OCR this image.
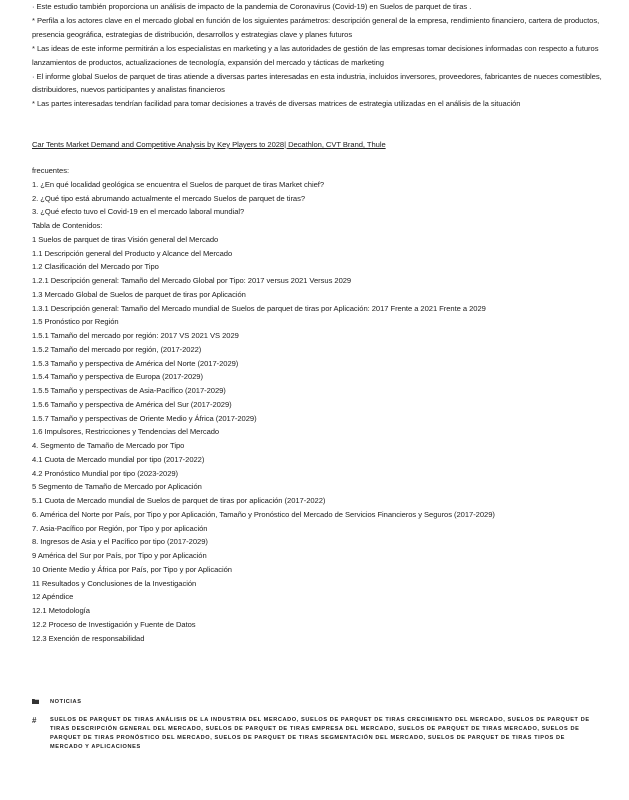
· Este estudio también proporciona un análisis de impacto de la pandemia de Coronavirus (Covid-19) en Suelos de parquet de tiras .

* Perfila a los actores clave en el mercado global en función de los siguientes parámetros: descripción general de la empresa, rendimiento financiero, cartera de productos, presencia geográfica, estrategias de distribución, desarrollos y estrategias clave y planes futuros

* Las ideas de este informe permitirán a los especialistas en marketing y a las autoridades de gestión de las empresas tomar decisiones informadas con respecto a futuros lanzamientos de productos, actualizaciones de tecnología, expansión del mercado y tácticas de marketing

· El informe global Suelos de parquet de tiras atiende a diversas partes interesadas en esta industria, incluidos inversores, proveedores, fabricantes de nueces comestibles, distribuidores, nuevos participantes y analistas financieros

* Las partes interesadas tendrían facilidad para tomar decisiones a través de diversas matrices de estrategia utilizadas en el análisis de la situación

Car Tents Market Demand and Competitive Analysis by Key Players to 2028| Decathlon, CVT Brand, Thule
frecuentes:
1. ¿En qué localidad geológica se encuentra el Suelos de parquet de tiras Market chief?
2. ¿Qué tipo está abrumando actualmente el mercado Suelos de parquet de tiras?
3. ¿Qué efecto tuvo el Covid-19 en el mercado laboral mundial?
Tabla de Contenidos:
1 Suelos de parquet de tiras Visión general del Mercado
1.1 Descripción general del Producto y Alcance del Mercado
1.2 Clasificación del Mercado por Tipo
1.2.1 Descripción general: Tamaño del Mercado Global por Tipo: 2017 versus 2021 Versus 2029
1.3 Mercado Global de Suelos de parquet de tiras por Aplicación
1.3.1 Descripción general: Tamaño del Mercado mundial de Suelos de parquet de tiras por Aplicación: 2017 Frente a 2021 Frente a 2029
1.5 Pronóstico por Región
1.5.1 Tamaño del mercado por región: 2017 VS 2021 VS 2029
1.5.2 Tamaño del mercado por región, (2017-2022)
1.5.3 Tamaño y perspectiva de América del Norte (2017-2029)
1.5.4 Tamaño y perspectiva de Europa (2017-2029)
1.5.5 Tamaño y perspectivas de Asia-Pacífico (2017-2029)
1.5.6 Tamaño y perspectiva de América del Sur (2017-2029)
1.5.7 Tamaño y perspectivas de Oriente Medio y África (2017-2029)
1.6 Impulsores, Restricciones y Tendencias del Mercado
4. Segmento de Tamaño de Mercado por Tipo
4.1 Cuota de Mercado mundial por tipo (2017-2022)
4.2 Pronóstico Mundial por tipo (2023-2029)
5 Segmento de Tamaño de Mercado por Aplicación
5.1 Cuota de Mercado mundial de Suelos de parquet de tiras por aplicación (2017-2022)
6. América del Norte por País, por Tipo y por Aplicación, Tamaño y Pronóstico del Mercado de Servicios Financieros y Seguros (2017-2029)
7. Asia-Pacífico por Región, por Tipo y por aplicación
8. Ingresos de Asia y el Pacífico por tipo (2017-2029)
9 América del Sur por País, por Tipo y por Aplicación
10 Oriente Medio y África por País, por Tipo y por Aplicación
11 Resultados y Conclusiones de la Investigación
12 Apéndice
12.1 Metodología
12.2 Proceso de Investigación y Fuente de Datos
12.3 Exención de responsabilidad
NOTICIAS
#	SUELOS DE PARQUET DE TIRAS ANÁLISIS DE LA INDUSTRIA DEL MERCADO, SUELOS DE PARQUET DE TIRAS CRECIMIENTO DEL MERCADO, SUELOS DE PARQUET DE TIRAS DESCRIPCIÓN GENERAL DEL MERCADO, SUELOS DE PARQUET DE TIRAS EMPRESA DEL MERCADO, SUELOS DE PARQUET DE TIRAS MERCADO, SUELOS DE PARQUET DE TIRAS PRONÓSTICO DEL MERCADO, SUELOS DE PARQUET DE TIRAS SEGMENTACIÓN DEL MERCADO, SUELOS DE PARQUET DE TIRAS TIPOS DE MERCADO Y APLICACIONES
